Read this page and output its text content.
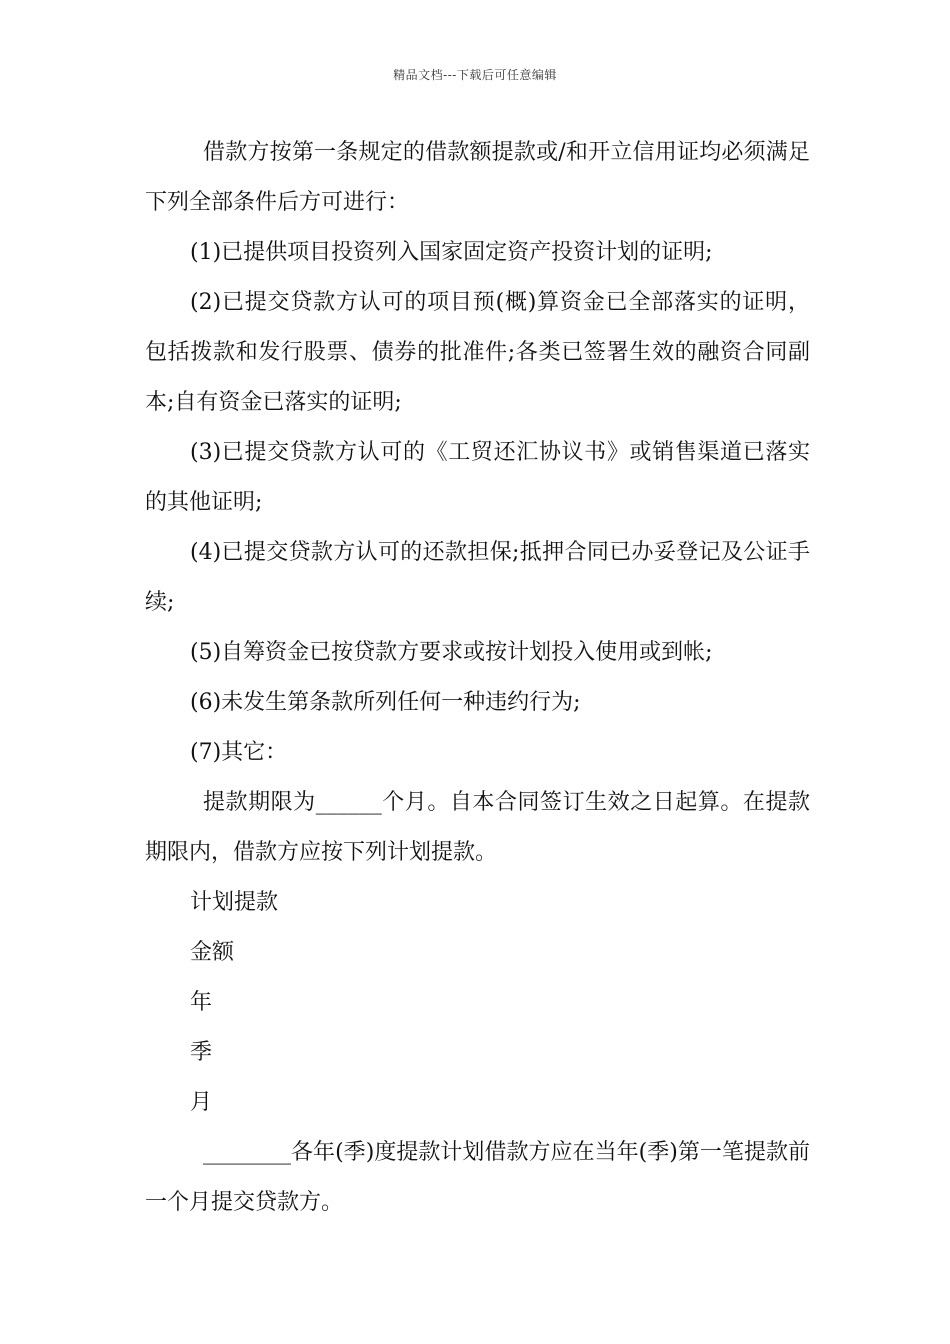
精品文档---下载后可任意编辑

借款方按第一条规定的借款额提款或/和开立信用证均必须满足下列全部条件后方可进行：

(1)已提供项目投资列入国家固定资产投资计划的证明;

(2)已提交贷款方认可的项目预(概)算资金已全部落实的证明，包括拨款和发行股票、债券的批准件;各类已签署生效的融资合同副本;自有资金已落实的证明;

(3)已提交贷款方认可的《工贸还汇协议书》或销售渠道已落实的其他证明;

(4)已提交贷款方认可的还款担保;抵押合同已办妥登记及公证手续;

(5)自筹资金已按贷款方要求或按计划投入使用或到帐;

(6)未发生第条款所列任何一种违约行为;

(7)其它：

提款期限为______个月。自本合同签订生效之日起算。在提款期限内，借款方应按下列计划提款。

计划提款

金额

年

季

月

________各年(季)度提款计划借款方应在当年(季)第一笔提款前一个月提交贷款方。
